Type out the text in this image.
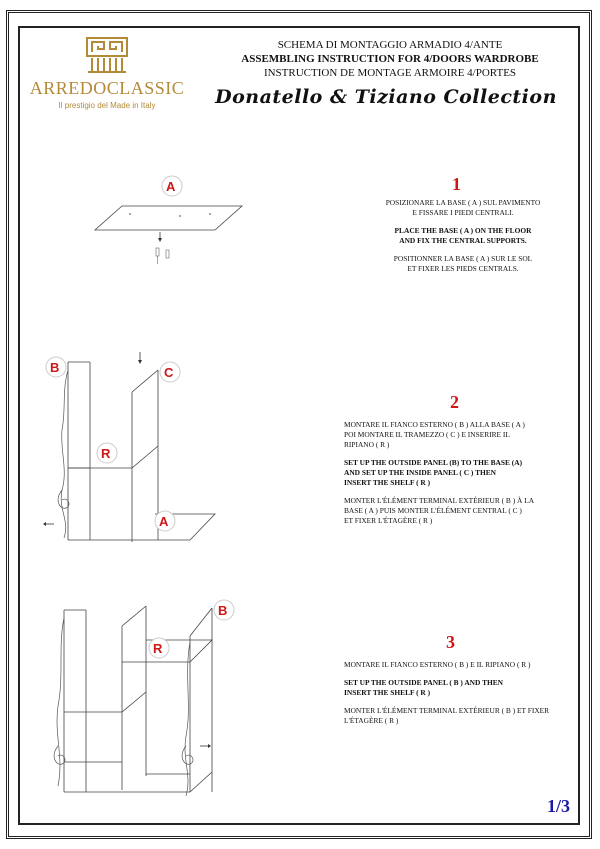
ARREDOCLASSIC
Il prestigio del Made in Italy
SCHEMA DI MONTAGGIO ARMADIO 4/ANTE
ASSEMBLING INSTRUCTION FOR 4/DOORS WARDROBE
INSTRUCTION DE MONTAGE ARMOIRE 4/PORTES
Donatello & Tiziano Collection
A	1

POSIZIONARE LA BASE ( A ) SUL PAVIMENTO
E FISSARE I PIEDI CENTRALI.

PLACE THE BASE ( A ) ON THE FLOOR
AND FIX THE CENTRAL SUPPORTS.

POSITIONNER LA BASE ( A ) SUR LE SOL
ET FIXER LES PIEDS CENTRALS.

B	C
R
A
2

MONTARE IL FIANCO ESTERNO ( B ) ALLA BASE ( A )
POI MONTARE IL TRAMEZZO ( C ) E INSERIRE IL
RIPIANO ( R )

SET UP THE OUTSIDE PANEL (B) TO THE BASE (A)
AND SET UP THE INSIDE PANEL ( C ) THEN
INSERT THE SHELF ( R )

MONTER L'ÉLÉMENT TERMINAL EXTÉRIEUR ( B ) À LA
BASE ( A ) PUIS MONTER L'ÉLÉMENT CENTRAL ( C )
ET FIXER L'ÉTAGÈRE ( R )

B
R	3

MONTARE IL FIANCO ESTERNO ( B ) E IL RIPIANO ( R )

SET UP THE OUTSIDE PANEL ( B ) AND THEN
INSERT THE SHELF ( R )

MONTER L'ÉLÉMENT TERMINAL EXTÉRIEUR ( B ) ET FIXER
L'ÉTAGÈRE ( R )

1/3
